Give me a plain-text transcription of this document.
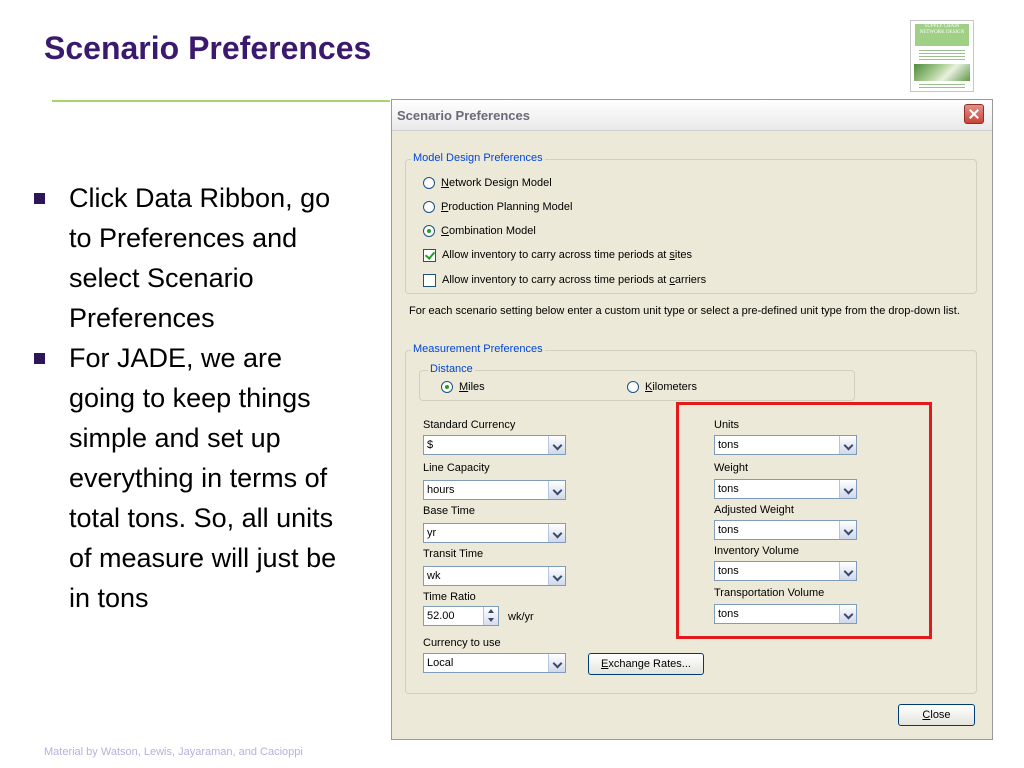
Scenario Preferences
SUPPLY CHAIN NETWORK DESIGN
Click Data Ribbon, go to Preferences and select Scenario Preferences
For JADE, we are going to keep things simple and set up everything in terms of total tons. So, all units of measure will just be in tons
Material by Watson, Lewis, Jayaraman, and Cacioppi
Scenario Preferences
Model Design Preferences
Network Design Model
Production Planning Model
Combination Model
Allow inventory to carry across time periods at sites
Allow inventory to carry across time periods at carriers
For each scenario setting below enter a custom unit type or select a pre-defined unit type from the drop-down list.
Measurement Preferences
Distance
Miles	Kilometers
Standard Currency
$
Line Capacity
hours
Base Time
yr
Transit Time
wk
Time Ratio
52.00	wk/yr
Currency to use
Local	Exchange Rates...
Units
tons
Weight
tons
Adjusted Weight
tons
Inventory Volume
tons
Transportation Volume
tons
Close
